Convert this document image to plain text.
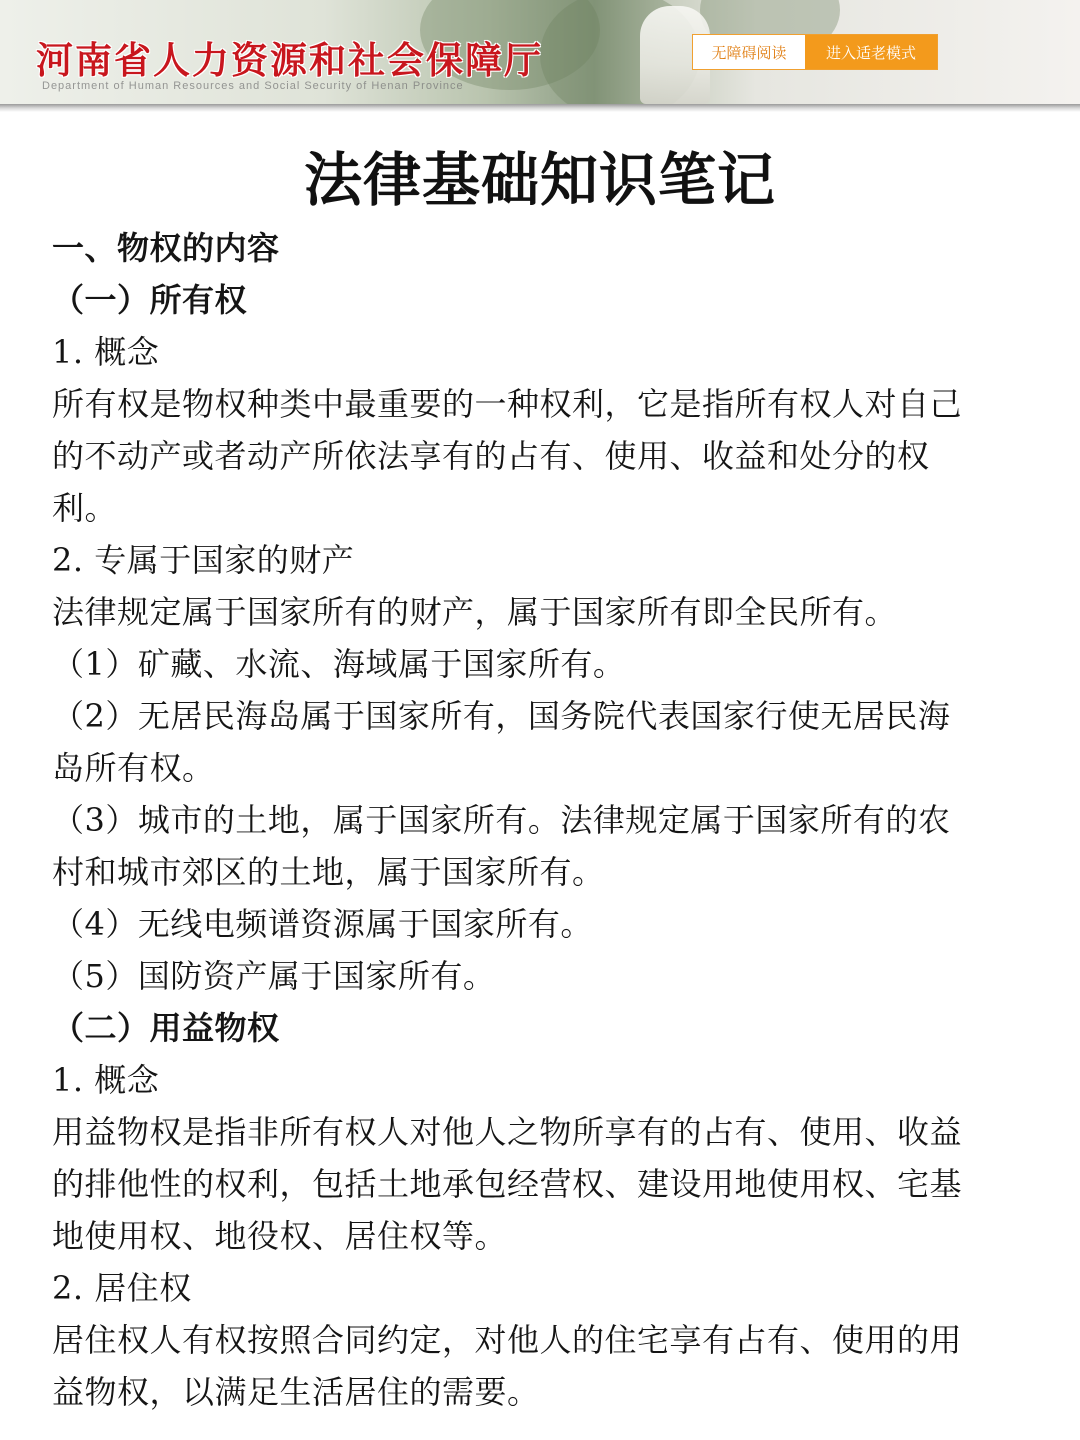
河南省人力资源和社会保障厅
Department of Human Resources and Social Security of Henan Province
无障碍阅读	进入适老模式
法律基础知识笔记
一、物权的内容
（一）所有权
1. 概念
所有权是物权种类中最重要的一种权利，它是指所有权人对自己
的不动产或者动产所依法享有的占有、使用、收益和处分的权
利。
2. 专属于国家的财产
法律规定属于国家所有的财产，属于国家所有即全民所有。
（1）矿藏、水流、海域属于国家所有。
（2）无居民海岛属于国家所有，国务院代表国家行使无居民海
岛所有权。
（3）城市的土地，属于国家所有。法律规定属于国家所有的农
村和城市郊区的土地，属于国家所有。
（4）无线电频谱资源属于国家所有。
（5）国防资产属于国家所有。
（二）用益物权
1. 概念
用益物权是指非所有权人对他人之物所享有的占有、使用、收益
的排他性的权利，包括土地承包经营权、建设用地使用权、宅基
地使用权、地役权、居住权等。
2. 居住权
居住权人有权按照合同约定，对他人的住宅享有占有、使用的用
益物权，以满足生活居住的需要。
